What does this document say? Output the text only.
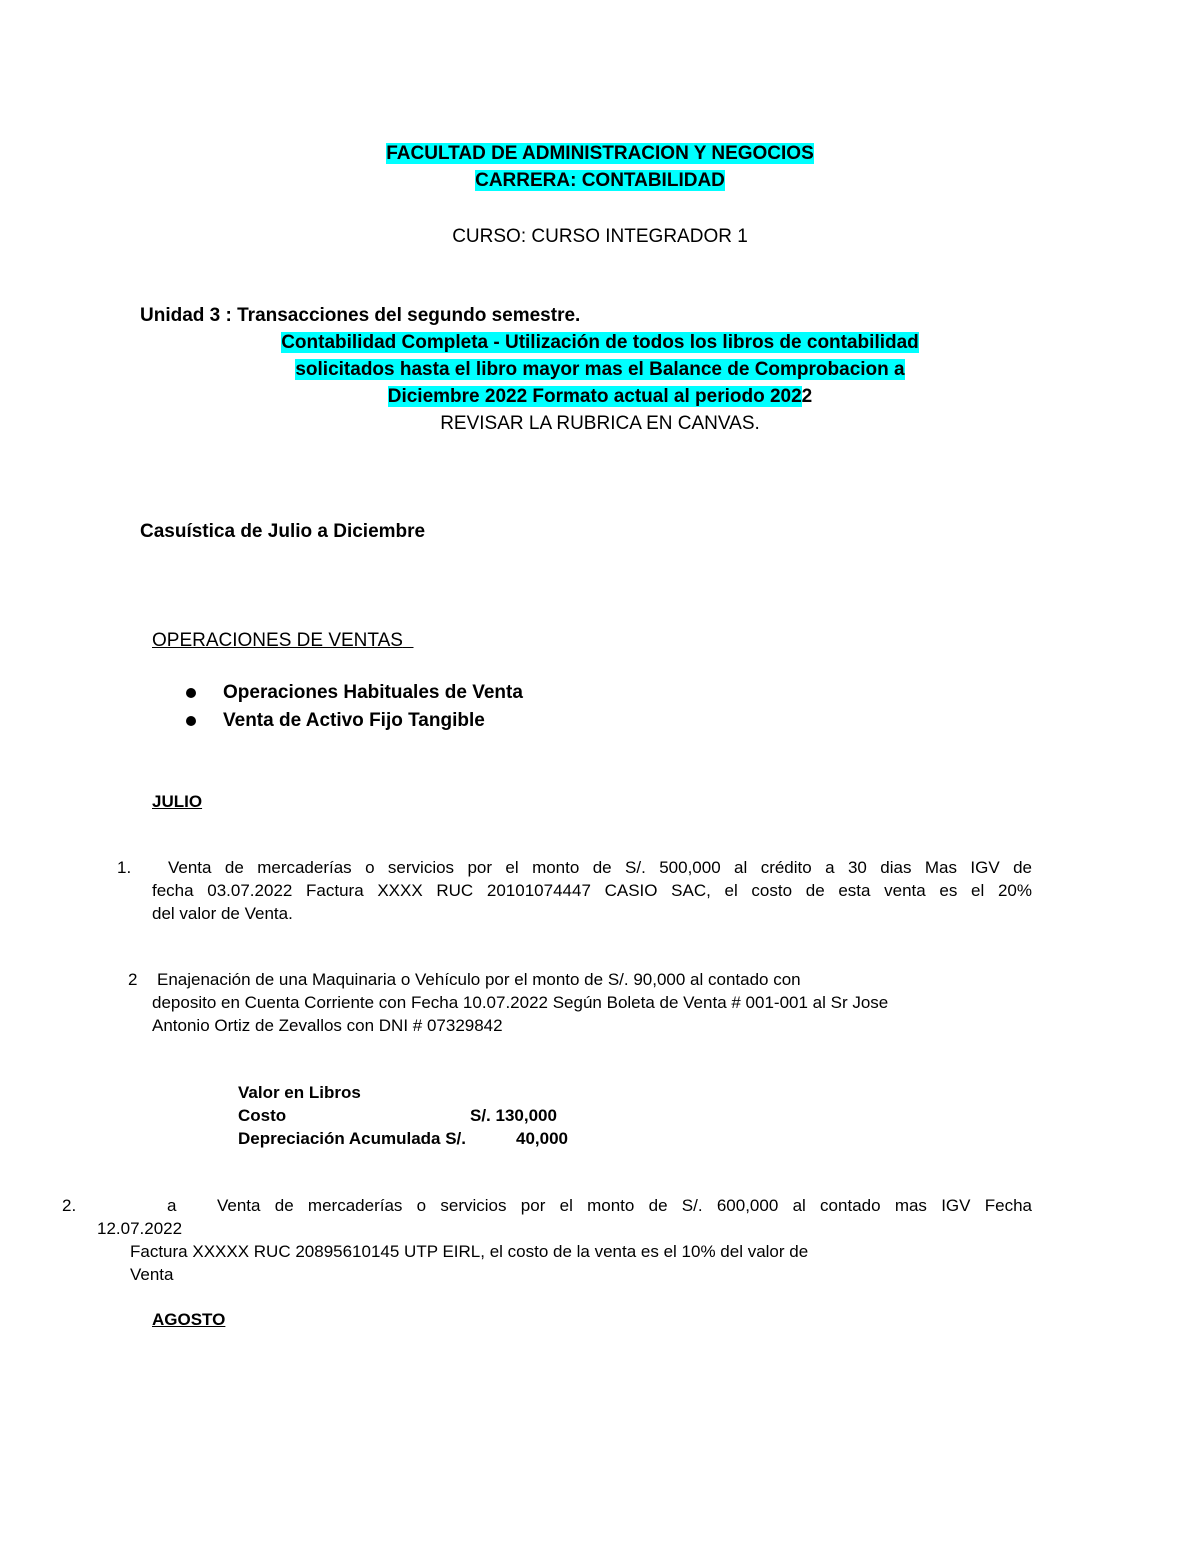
FACULTAD DE ADMINISTRACION Y NEGOCIOS
CARRERA: CONTABILIDAD
CURSO: CURSO INTEGRADOR 1
Unidad 3 : Transacciones del segundo semestre.
Contabilidad Completa - Utilización de todos los libros de contabilidad
solicitados hasta el libro mayor mas el Balance de Comprobacion a
Diciembre 2022 Formato actual al periodo 2022
REVISAR LA RUBRICA EN CANVAS.
Casuística de Julio a Diciembre
OPERACIONES DE VENTAS
Operaciones Habituales de Venta
Venta de Activo Fijo Tangible
JULIO
1. Venta de mercaderías o servicios por el monto de S/. 500,000 al crédito a 30 dias Mas IGV de
fecha 03.07.2022 Factura XXXX RUC 20101074447 CASIO SAC, el costo de esta venta es el 20%
del valor de Venta.
2 Enajenación de una Maquinaria o Vehículo por el monto de S/. 90,000 al contado con
deposito en Cuenta Corriente con Fecha 10.07.2022 Según Boleta de Venta # 001-001 al Sr Jose
Antonio Ortiz de Zevallos con DNI # 07329842
Valor en Libros
Costo	S/. 130,000
Depreciación Acumulada S/.	40,000
2.	a Venta de mercaderías o servicios por el monto de S/. 600,000 al contado mas IGV Fecha
12.07.2022
Factura XXXXX RUC 20895610145 UTP EIRL, el costo de la venta es el 10% del valor de
Venta
AGOSTO
